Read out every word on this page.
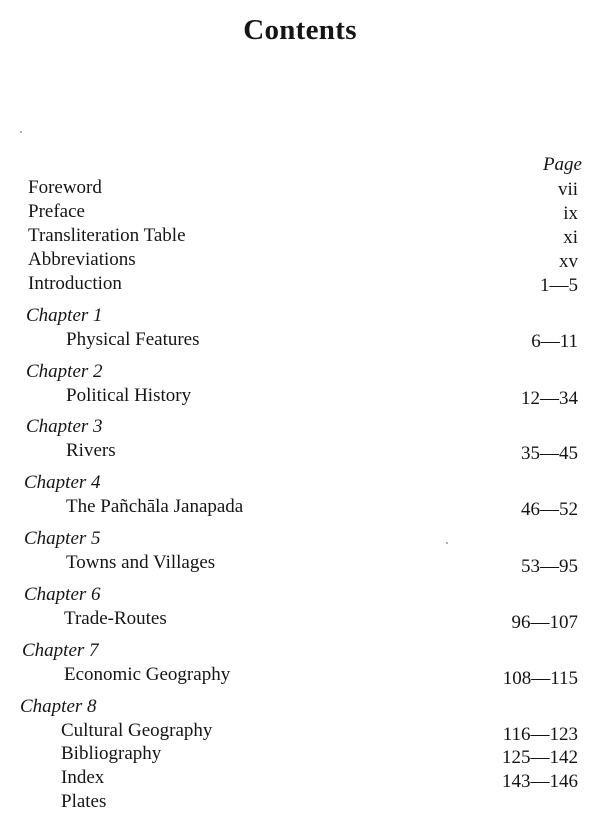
Contents
Page
Foreword	vii
Preface	ix
Transliteration Table	xi
Abbreviations	xv
Introduction	1—5
Chapter 1
Physical Features	6—11
Chapter 2
Political History	12—34
Chapter 3
Rivers	35—45
Chapter 4
The Pañchāla Janapada	46—52
Chapter 5
Towns and Villages	53—95
Chapter 6
Trade-Routes	96—107
Chapter 7
Economic Geography	108—115
Chapter 8
Cultural Geography	116—123
Bibliography	125—142
Index	143—146
Plates
